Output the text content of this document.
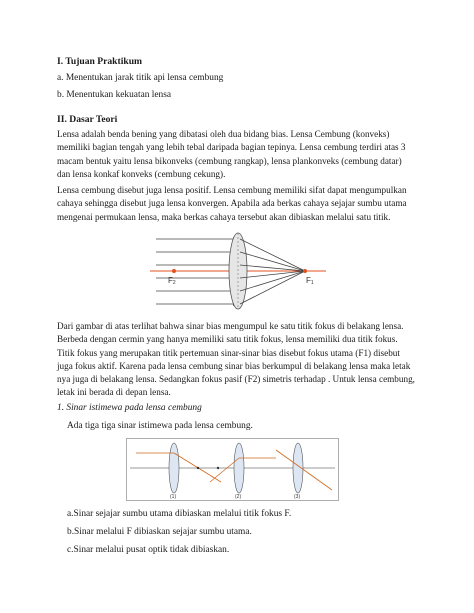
I. Tujuan Praktikum
a. Menentukan jarak titik api lensa cembung
b. Menentukan kekuatan lensa
II. Dasar Teori
Lensa adalah benda bening yang dibatasi oleh dua bidang bias. Lensa Cembung (konveks)
memiliki bagian tengah yang lebih tebal daripada bagian tepinya. Lensa cembung terdiri atas 3
macam bentuk yaitu lensa bikonveks (cembung rangkap), lensa plankonveks (cembung datar)
dan lensa konkaf konveks (cembung cekung).
Lensa cembung disebut juga lensa positif. Lensa cembung memiliki sifat dapat mengumpulkan
cahaya sehingga disebut juga lensa konvergen. Apabila ada berkas cahaya sejajar sumbu utama
mengenai permukaan lensa, maka berkas cahaya tersebut akan dibiaskan melalui satu titik.
F2	F1
Dari gambar di atas terlihat bahwa sinar bias mengumpul ke satu titik fokus di belakang lensa.
Berbeda dengan cermin yang hanya memiliki satu titik fokus, lensa memiliki dua titik fokus.
Titik fokus yang merupakan titik pertemuan sinar-sinar bias disebut fokus utama (F1) disebut
juga fokus aktif. Karena pada lensa cembung sinar bias berkumpul di belakang lensa maka letak
nya juga di belakang lensa. Sedangkan fokus pasif (F2) simetris terhadap . Untuk lensa cembung,
letak ini berada di depan lensa.
1. Sinar istimewa pada lensa cembung
Ada tiga tiga sinar istimewa pada lensa cembung.
(1)	(2)	(3)
a.Sinar sejajar sumbu utama dibiaskan melalui titik fokus F.
b.Sinar melalui F dibiaskan sejajar sumbu utama.
c.Sinar melalui pusat optik tidak dibiaskan.
